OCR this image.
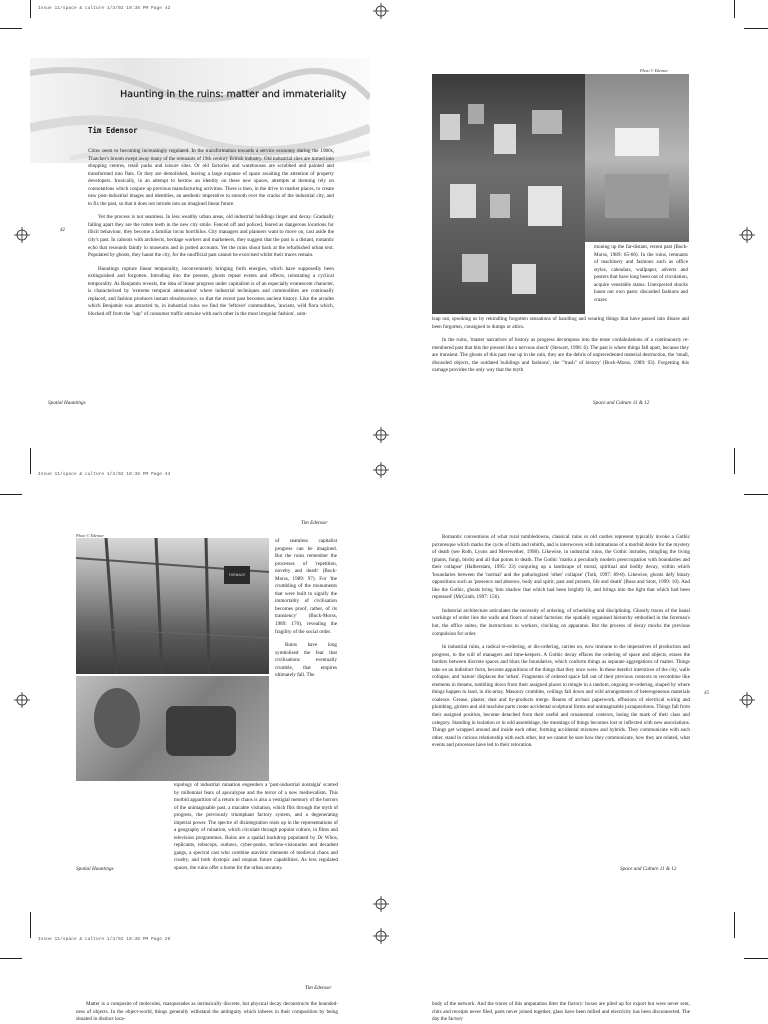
Issue 11/space & culture 1/3/02 10:38 PM Page 42
Haunting in the ruins: matter and immateriality
Tim Edensor
42

Cities seem to becoming increasingly regulated. In the transformation towards a service economy during the 1980s, Thatcher's broom swept away many of the remnants of 19th century British industry. Old industrial sites are turned into shopping centres, retail parks and leisure sites. Or old factories and warehouses are scrubbed and painted and transformed into flats. Or they are demolished, leaving a large expanse of space awaiting the attention of property developers. Ironically, in an attempt to bestow an identity on these new spaces, attempts at theming rely on connotations which conjure up previous manufacturing activities. There is then, in the drive to market places, to create new post-industrial images and identities, an aesthetic imperative to smooth over the cracks of the industrial city, and to fix the past, so that it does not intrude into an imagined linear future.

Yet the process is not seamless. In less wealthy urban areas, old industrial buildings linger and decay. Gradually falling apart they are the rotten teeth in the new city smile. Fenced off and policed, feared as dangerous locations for illicit behaviour, they become a familiar locus horribilus. City managers and planners want to move on, cast aside the city's past. In cahoots with architects, heritage workers and marketeers, they suggest that the past is a distant, romantic echo that resounds faintly in museums and in potted accounts. Yet the ruins shout back at the refurbished urban text. Populated by ghosts, they haunt the city, for the unofficial past cannot be exorcised whilst their traces remain.

Hauntings rupture linear temporality, inconveniently bringing forth energies, which have supposedly been extinguished and forgotten. Intruding into the present, ghosts repeat events and effects, reinstating a cyclical temporality. As Benjamin reveals, the idea of linear progress under capitalism is of an especially evanescent character, is characterised by 'extreme temporal attenuation' where industrial techniques and commodities are continually replaced, and fashion produces instant obsolescence, so that the recent past becomes ancient history. Like the arcades which Benjamin was attracted to, in industrial ruins we find the 'leftover' commodities, 'ancient, wild flora which, blocked off from the "sap" of consumer traffic entwine with each other in the most irregular fashion', sum-

Spatial Hauntings
Photo © Edensor

moning up the far-distant, recent past (Buck-Morss, 1989: 65-66). In the ruins, remnants of machinery and fashions such as office styles, calendars, wallpaper, adverts and posters that have long been out of circulation, acquire venerable status. Unexpected shocks haunt our own pasts: discarded fashions and crazes

leap out, spooking us by rekindling forgotten sensations of handling and wearing things that have passed into disuse and been forgotten, consigned to dumps or attics.

In the ruins, 'master narratives of history as progress decompose into the tense cordabulations of a continuously re-membered past that hits the present like a nervous shock' (Stewart, 1996: 6). The past is where things fall apart, because they are transient. The ghosts of this past rear up in the ruin, they are the debris of unprecedented material destruction, the 'small, discarded objects, the outdated buildings and fashions', the '"trash" of history' (Buck-Morss, 1989: 93). Forgetting this carnage provides the only way that the myth

Space and Culture 11 & 12
Issue 11/space & culture 1/3/02 10:38 PM Page 44
Tim Edensor
Photo © Edensor
FURNACE

of seamless capitalist progress can be imagined. But the ruins remember the processes of 'repetition, novelty and death' (Buck-Morss, 1989: 97). For 'the crumbling of the monuments that were built to signify the immortality of civilisation becomes proof, rather, of its transiency' (Buck-Morss, 1989: 170), revealing the fragility of the social order.

Ruins have long symbolised the fear that civilisations eventually crumble, that empires ultimately fall. The

topology of industrial ruination engenders a 'post-industrial nostalgia' scarred by millennial fears of apocalypse and the terror of a new medievalism. This morbid apparition of a return to chaos is also a vestigial memory of the horrors of the unimaginable past, a macabre visitation, which flits through the myth of progress, the previously triumphant factory system, and a degenerating imperial power. The spectre of disintegration rears up in the representations of a geography of ruination, which circulate through popular culture, in films and television programmes. Ruins are a spatial backdrop populated by Dr Whos, replicants, robocops, outlaws, cyber-punks, techno-visionaries and decadent gangs, a spectral cast who combine atavistic elements of medieval chaos and cruelty, and both dystopic and utopian future capabilities. As less regulated spaces, the ruins offer a home for the urban uncanny.

Spatial Hauntings

Romantic conventions of what rural tumbledowns, classical ruins or old castles represent typically invoke a Gothic picturesque which marks the cycle of birth and rebirth, and is interwoven with intimations of a morbid desire for the mystery of death (see Roth, Lyons and Merewether, 1998). Likewise, in industrial ruins, the Gothic intrudes, mingling the living (plants, fungi, birds) and all that points to death. The Gothic 'marks a peculiarly modern preoccupation with boundaries and their collapse' (Halberstam, 1995: 23) conjuring up a landscape of moral, spiritual and bodily decay, within which 'boundaries between the 'normal' and the pathologized 'other' collapse' (Toth, 1997: 89-8). Likewise, ghosts defy binary oppositions such as 'presence and absence, body and spirit, past and present, life and death' (Buse and Stott, 1999: 10). And like the Gothic, ghosts bring 'into shadow that which had been brightly lit, and brings into the light that which had been repressed' (McGrath, 1997: 156).

Industrial architecture articulates the necessity of ordering, of scheduling and disciplining. Ghostly traces of the banal workings of order line the walls and floors of ruined factories: the spatially organised hierarchy embodied in the foreman's hut, the office suites, the instructions to workers, clocking on apparatus. But the process of decay mocks the previous compulsion for order.

In industrial ruins, a radical re-ordering, or dis-ordering, carries on, now immune to the imperatives of production and progress, to the will of managers and time-keepers. A Gothic decay effaces the ordering of space and objects, erases the borders between discrete spaces and blurs the boundaries, which conform things as separate aggregations of matter. Things take on an indistinct form, become apparitions of the things that they once were. In these derelict interstices of the city, walls collapse, and 'nature' displaces the 'urban'. Fragments of ordered space fall out of their previous contexts to recombine like elements in dreams, tumbling down from their assigned places to mingle in a random, ongoing re-ordering, shaped by where things happen to land, in dis-array. Masonry crumbles, ceilings fall down and wild arrangements of heterogeneous materials coalesce. Grease, plaster, dust and by-products merge. Reams of archaic paperwork, effusions of electrical wiring and plumbing, girders and old machine parts create accidental sculptural forms and unimaginable juxtapositions. Things fall from their assigned position, become detached from their useful and ornamental contexts, losing the mark of their class and category. Standing in isolation or in odd assemblage, the meanings of things becomes lost or inflected with new associations. Things get wrapped around and inside each other, forming accidental mixtures and hybrids. They communicate with each other, stand in curious relationship with each other, but we cannot be sure how they communicate, how they are related, what events and processes have led to their relocation.

45
Space and Culture 11 & 12
Issue 11/space & culture 1/3/02 10:38 PM Page 26
Tim Edensor

Matter is a composite of molecules, masquerades as intrinsically discrete, but physical decay deconstructs the bounded-ness of objects. In the object-world, things generally withstand the ambiguity which inheres in their composition by being situated in distinct loca-

body of the network. And the traces of this amputation litter the factory: boxes are piled up for export but were never sent, chits and receipts never filed, parts never joined together, glass have been milled and electricity has been disconnected. The day the factory
